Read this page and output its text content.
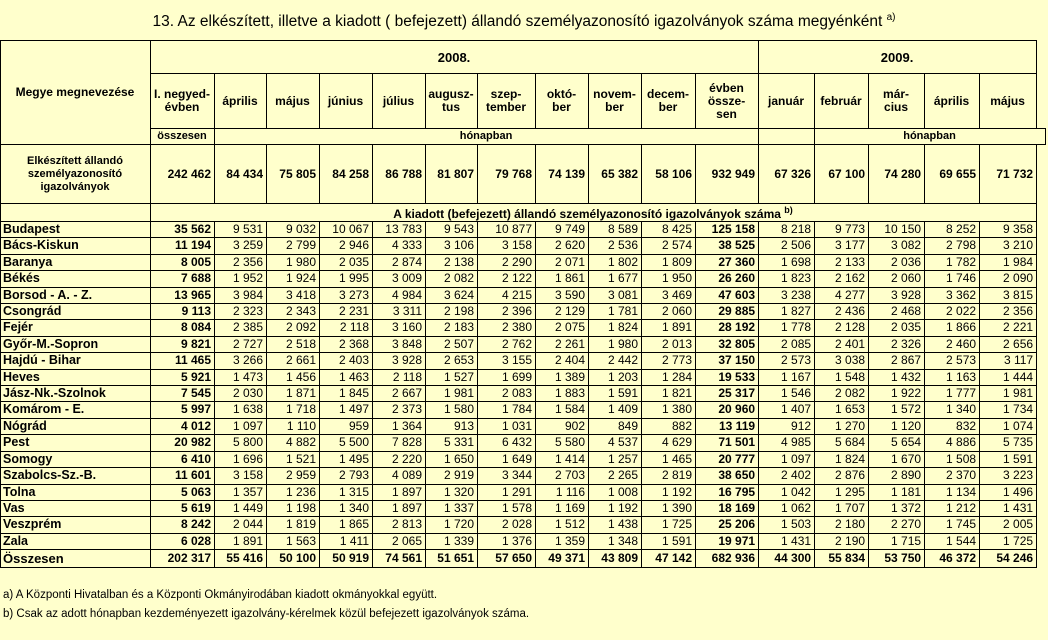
13. Az elkészített, illetve a kiadott ( befejezett) állandó személyazonosító igazolványok száma megyénként $^{a)}$
Megye megnevezése	2008.											2009.				
	I. negyed-évben	április	május	június	július	augusz-tus	szep-tember	októ-ber	novem-ber	decem-ber	évben össze-sen	január	február	már-cius	április	május
	összesen	hónapban											hónapban			
Elkészített állandó személyazonosító igazolványok	242 462	84 434	75 805	84 258	86 788	81 807	79 768	74 139	65 382	58 106	932 949	67 326	67 100	74 280	69 655	71 732
	A kiadott (befejezett) állandó személyazonosító igazolványok száma $^{b)}$
Budapest	35 562	9 531	9 032	10 067	13 783	9 543	10 877	9 749	8 589	8 425	125 158	8 218	9 773	10 150	8 252	9 358
Bács-Kiskun	11 194	3 259	2 799	2 946	4 333	3 106	3 158	2 620	2 536	2 574	38 525	2 506	3 177	3 082	2 798	3 210
Baranya	8 005	2 356	1 980	2 035	2 874	2 138	2 290	2 071	1 802	1 809	27 360	1 698	2 133	2 036	1 782	1 984
Békés	7 688	1 952	1 924	1 995	3 009	2 082	2 122	1 861	1 677	1 950	26 260	1 823	2 162	2 060	1 746	2 090
Borsod - A. - Z.	13 965	3 984	3 418	3 273	4 984	3 624	4 215	3 590	3 081	3 469	47 603	3 238	4 277	3 928	3 362	3 815
Csongrád	9 113	2 323	2 343	2 231	3 311	2 198	2 396	2 129	1 781	2 060	29 885	1 827	2 436	2 468	2 022	2 356
Fejér	8 084	2 385	2 092	2 118	3 160	2 183	2 380	2 075	1 824	1 891	28 192	1 778	2 128	2 035	1 866	2 221
Győr-M.-Sopron	9 821	2 727	2 518	2 368	3 848	2 507	2 762	2 261	1 980	2 013	32 805	2 085	2 401	2 326	2 460	2 656
Hajdú - Bihar	11 465	3 266	2 661	2 403	3 928	2 653	3 155	2 404	2 442	2 773	37 150	2 573	3 038	2 867	2 573	3 117
Heves	5 921	1 473	1 456	1 463	2 118	1 527	1 699	1 389	1 203	1 284	19 533	1 167	1 548	1 432	1 163	1 444
Jász-Nk.-Szolnok	7 545	2 030	1 871	1 845	2 667	1 981	2 083	1 883	1 591	1 821	25 317	1 546	2 082	1 922	1 777	1 981
Komárom - E.	5 997	1 638	1 718	1 497	2 373	1 580	1 784	1 584	1 409	1 380	20 960	1 407	1 653	1 572	1 340	1 734
Nógrád	4 012	1 097	1 110	959	1 364	913	1 031	902	849	882	13 119	912	1 270	1 120	832	1 074
Pest	20 982	5 800	4 882	5 500	7 828	5 331	6 432	5 580	4 537	4 629	71 501	4 985	5 684	5 654	4 886	5 735
Somogy	6 410	1 696	1 521	1 495	2 220	1 650	1 649	1 414	1 257	1 465	20 777	1 097	1 824	1 670	1 508	1 591
Szabolcs-Sz.-B.	11 601	3 158	2 959	2 793	4 089	2 919	3 344	2 703	2 265	2 819	38 650	2 402	2 876	2 890	2 370	3 223
Tolna	5 063	1 357	1 236	1 315	1 897	1 320	1 291	1 116	1 008	1 192	16 795	1 042	1 295	1 181	1 134	1 496
Vas	5 619	1 449	1 198	1 340	1 897	1 337	1 578	1 169	1 192	1 390	18 169	1 062	1 707	1 372	1 212	1 431
Veszprém	8 242	2 044	1 819	1 865	2 813	1 720	2 028	1 512	1 438	1 725	25 206	1 503	2 180	2 270	1 745	2 005
Zala	6 028	1 891	1 563	1 411	2 065	1 339	1 376	1 359	1 348	1 591	19 971	1 431	2 190	1 715	1 544	1 725
Összesen	202 317	55 416	50 100	50 919	74 561	51 651	57 650	49 371	43 809	47 142	682 936	44 300	55 834	53 750	46 372	54 246
a) A Központi Hivatalban és a Központi Okmányirodában kiadott okmányokkal együtt.
b) Csak az adott hónapban kezdeményezett igazolvány-kérelmek közül befejezett igazolványok száma.
